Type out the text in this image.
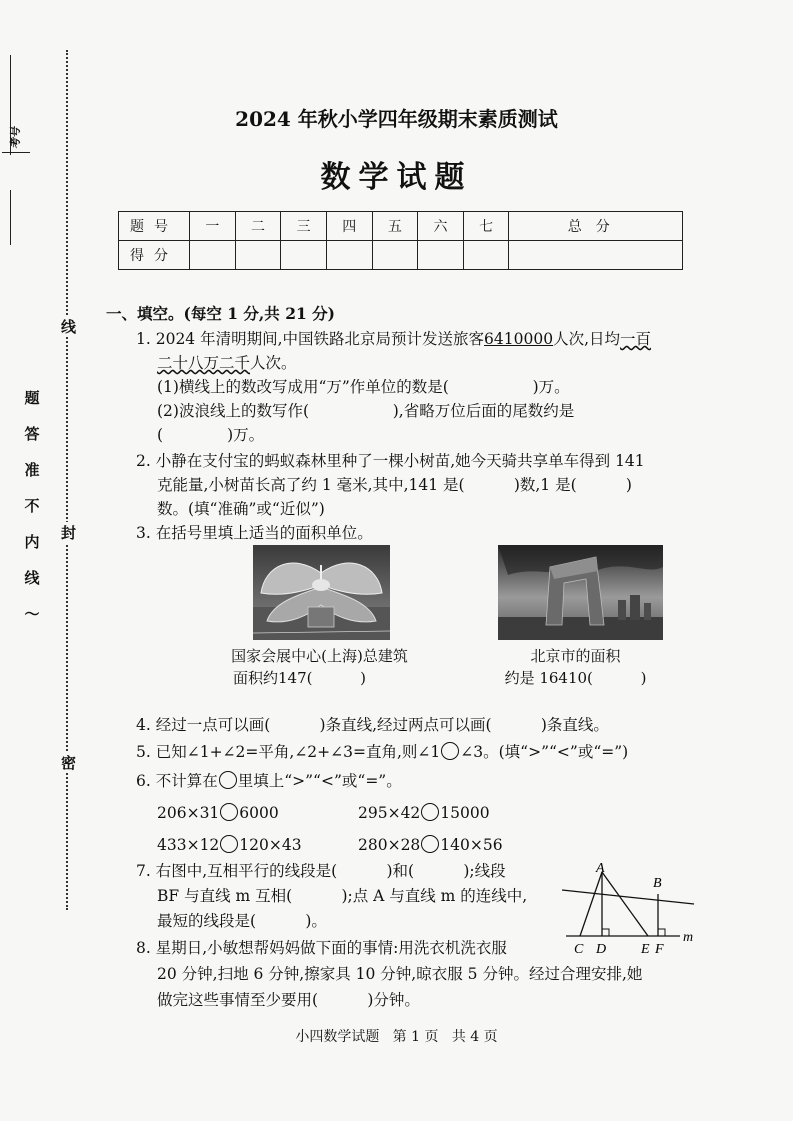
考号
线
封
密
题
答
准
不
内
线
～
2024 年秋小学四年级期末素质测试
数学试题
题号	一	二	三	四	五	六	七	总分
得分								
一、填空。(每空 1 分,共 21 分)
1. 2024 年清明期间,中国铁路北京局预计发送旅客6410000人次,日均一百
二十八万二千人次。
(1)横线上的数改写成用“万”作单位的数是(                 )万。
(2)波浪线上的数写作(                 ),省略万位后面的尾数约是
(             )万。
2. 小静在支付宝的蚂蚁森林里种了一棵小树苗,她今天骑共享单车得到 141
克能量,小树苗长高了约 1 毫米,其中,141 是(          )数,1 是(          )
数。(填“准确”或“近似”)
3. 在括号里填上适当的面积单位。
国家会展中心(上海)总建筑
面积约147(          )
北京市的面积
约是 16410(          )
4. 经过一点可以画(          )条直线,经过两点可以画(          )条直线。
5. 已知∠1+∠2=平角,∠2+∠3=直角,则∠1 ∠3。(填“>”“<”或“=”)
6. 不计算在 里填上“>”“<”或“=”。
206×31 6000	295×42 15000
433×12 120×43	280×28 140×56
7. 右图中,互相平行的线段是(          )和(          );线段
BF 与直线 m 互相(          );点 A 与直线 m 的连线中,
最短的线段是(          )。
A
B
C D E F
m
8. 星期日,小敏想帮妈妈做下面的事情:用洗衣机洗衣服
20 分钟,扫地 6 分钟,擦家具 10 分钟,晾衣服 5 分钟。经过合理安排,她
做完这些事情至少要用(          )分钟。
小四数学试题   第 1 页   共 4 页
